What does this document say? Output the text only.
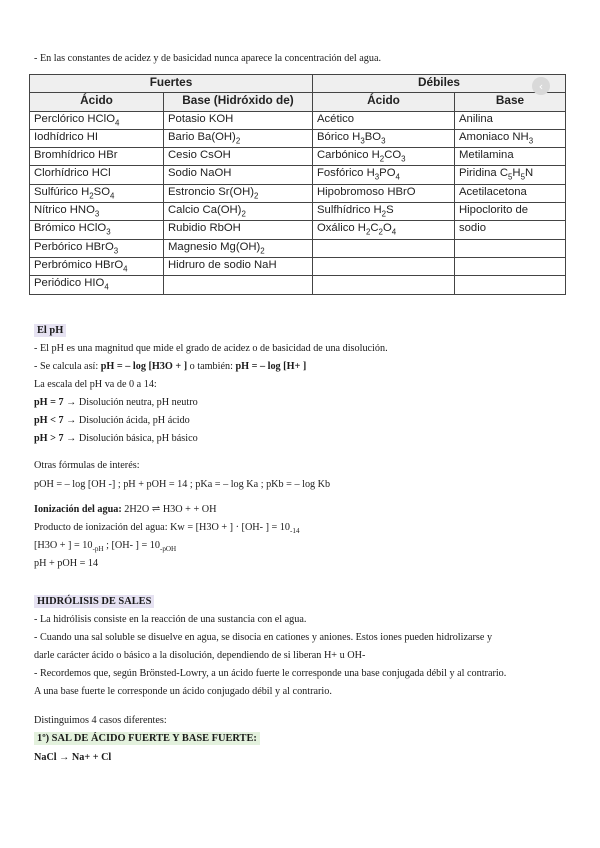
- En las constantes de acidez y de basicidad nunca aparece la concentración del agua.
Fuertes		Débiles	
Ácido	Base (Hidróxido de)	Ácido	Base
Perclórico HClO$_4$	Potasio KOH	Acético	Anilina
Iodhídrico HI	Bario $Ba(OH)_2$	Bórico $H_3BO_3$	Amoniaco $NH_3$
Bromhídrico HBr	Cesio CsOH	Carbónico $H_2CO_3$	Metilamina
Clorhídrico HCl	Sodio NaOH	Fosfórico $H_3PO_4$	Piridina $C_5H_5N$
Sulfúrico $H_2SO_4$	Estroncio $Sr(OH)_2$	Hipobromoso HBrO	Acetilacetona
Nítrico $HNO_3$	Calcio $Ca(OH)_2$	Sulfhídrico $H_2S$	Hipoclorito de
Brómico HClO$_3$	Rubidio RbOH	Oxálico $H_2C_2O_4$	sodio
Perbórico HBrO$_3$	Magnesio $Mg(OH)_2$		
Perbrómico HBrO$_4$	Hidruro de sodio NaH		
Periódico $HIO_4$			
‹
El pH
- El pH es una magnitud que mide el grado de acidez o de basicidad de una disolución.
- Se calcula así: pH = – log [H3O + ] o también: pH = – log [H+ ]
La escala del pH va de 0 a 14:
pH = 7 → Disolución neutra, pH neutro
pH < 7 → Disolución ácida, pH ácido
pH > 7 → Disolución básica, pH básico
Otras fórmulas de interés:
pOH = – log [OH -] ; pH + pOH = 14 ; pKa = – log Ka ; pKb = – log Kb
Ionización del agua: 2H2O ⇌ H3O + + OH
Producto de ionización del agua: Kw = [H3O + ] · [OH- ] = $10_{-14}$
[H3O + ] = $10_{-pH}$ ; [OH- ] = $10_{-pOH}$
pH + pOH = 14
HIDRÓLISIS DE SALES
- La hidrólisis consiste en la reacción de una sustancia con el agua.
- Cuando una sal soluble se disuelve en agua, se disocia en cationes y aniones. Estos iones pueden hidrolizarse y
darle carácter ácido o básico a la disolución, dependiendo de si liberan H+ u OH-
- Recordemos que, según Brönsted-Lowry, a un ácido fuerte le corresponde una base conjugada débil y al contrario.
A una base fuerte le corresponde un ácido conjugado débil y al contrario.
Distinguimos 4 casos diferentes:
1º) SAL DE ÁCIDO FUERTE Y BASE FUERTE:
NaCl → Na+ + Cl
